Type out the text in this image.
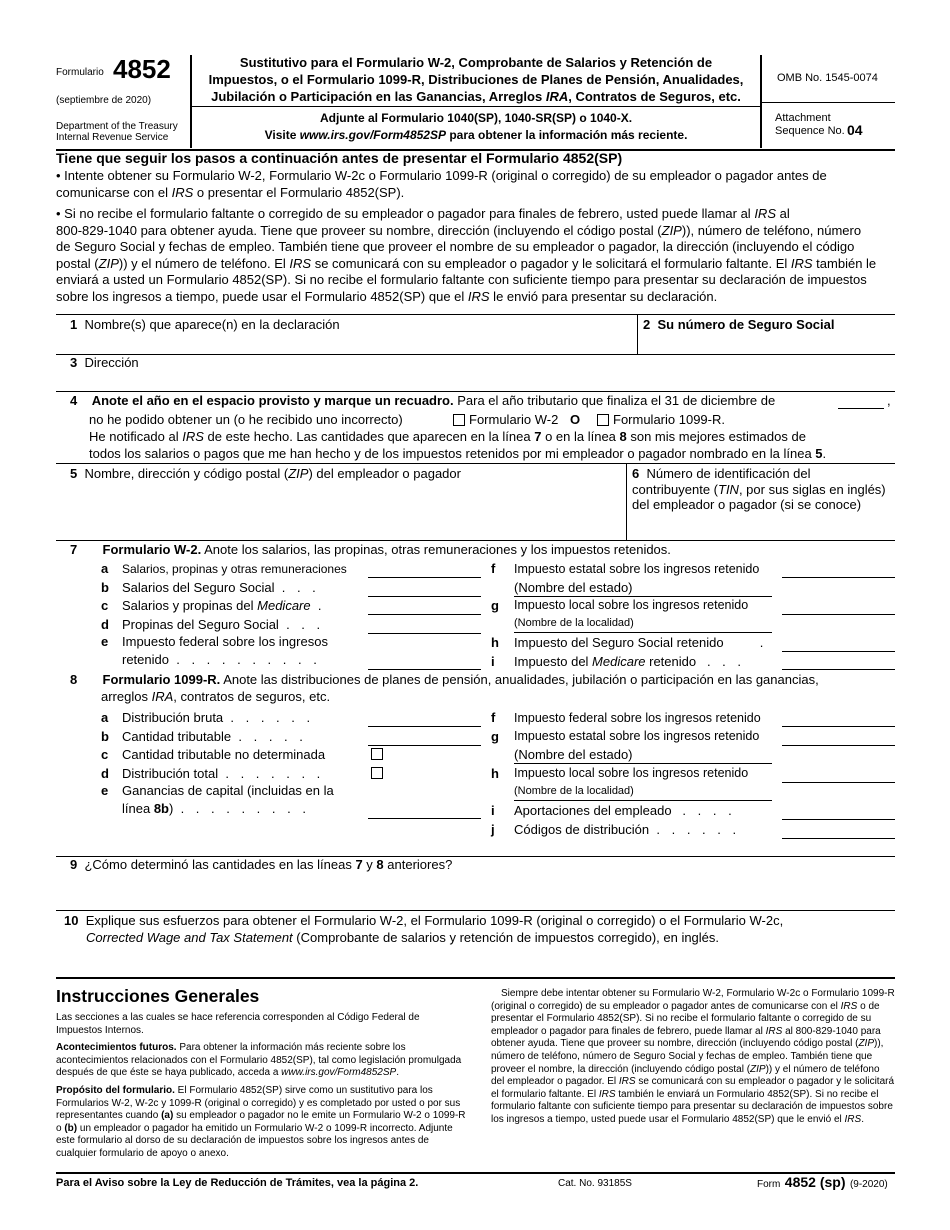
Formulario 4852
(septiembre de 2020)
Department of the Treasury
Internal Revenue Service
Sustitutivo para el Formulario W-2, Comprobante de Salarios y Retención de
Impuestos, o el Formulario 1099-R, Distribuciones de Planes de Pensión, Anualidades,
Jubilación o Participación en las Ganancias, Arreglos IRA, Contratos de Seguros, etc.
Adjunte al Formulario 1040(SP), 1040-SR(SP) o 1040-X.
Visite www.irs.gov/Form4852SP para obtener la información más reciente.
OMB No. 1545-0074
Attachment
Sequence No. 04
Tiene que seguir los pasos a continuación antes de presentar el Formulario 4852(SP)
• Intente obtener su Formulario W-2, Formulario W-2c o Formulario 1099-R (original o corregido) de su empleador o pagador antes de
comunicarse con el IRS o presentar el Formulario 4852(SP).
• Si no recibe el formulario faltante o corregido de su empleador o pagador para finales de febrero, usted puede llamar al IRS al
800-829-1040 para obtener ayuda. Tiene que proveer su nombre, dirección (incluyendo el código postal (ZIP)), número de teléfono, número
de Seguro Social y fechas de empleo. También tiene que proveer el nombre de su empleador o pagador, la dirección (incluyendo el código
postal (ZIP)) y el número de teléfono. El IRS se comunicará con su empleador o pagador y le solicitará el formulario faltante. El IRS también le
enviará a usted un Formulario 4852(SP). Si no recibe el formulario faltante con suficiente tiempo para presentar su declaración de impuestos
sobre los ingresos a tiempo, puede usar el Formulario 4852(SP) que el IRS le envió para presentar su declaración.
1 Nombre(s) que aparece(n) en la declaración	2 Su número de Seguro Social
3 Dirección
4 Anote el año en el espacio provisto y marque un recuadro. Para el año tributario que finaliza el 31 de diciembre de	,
no he podido obtener un (o he recibido uno incorrecto)	Formulario W-2 O	Formulario 1099-R.
He notificado al IRS de este hecho. Las cantidades que aparecen en la línea 7 o en la línea 8 son mis mejores estimados de
todos los salarios o pagos que me han hecho y de los impuestos retenidos por mi empleador o pagador nombrado en la línea 5.
5 Nombre, dirección y código postal (ZIP) del empleador o pagador	6 Número de identificación del
contribuyente (TIN, por sus siglas en inglés)
del empleador o pagador (si se conoce)
7 Formulario W-2. Anote los salarios, las propinas, otras remuneraciones y los impuestos retenidos.
a Salarios, propinas y otras remuneraciones
b Salarios del Seguro Social . . .
c Salarios y propinas del Medicare .
d Propinas del Seguro Social . . .
e Impuesto federal sobre los ingresos
retenido . . . . . . . . . .
f Impuesto estatal sobre los ingresos retenido
(Nombre del estado)
g Impuesto local sobre los ingresos retenido
(Nombre de la localidad)
h Impuesto del Seguro Social retenido	.
i Impuesto del Medicare retenido . . .
8 Formulario 1099-R. Anote las distribuciones de planes de pensión, anualidades, jubilación o participación en las ganancias,
arreglos IRA, contratos de seguros, etc.
a Distribución bruta . . . . . .
b Cantidad tributable . . . . .
c Cantidad tributable no determinada
d Distribución total . . . . . . .
e Ganancias de capital (incluidas en la
línea 8b) . . . . . . . . .
f Impuesto federal sobre los ingresos retenido
g Impuesto estatal sobre los ingresos retenido
(Nombre del estado)
h Impuesto local sobre los ingresos retenido
(Nombre de la localidad)
i Aportaciones del empleado . . . .
j Códigos de distribución . . . . . .
9 ¿Cómo determinó las cantidades en las líneas 7 y 8 anteriores?
10 Explique sus esfuerzos para obtener el Formulario W-2, el Formulario 1099-R (original o corregido) o el Formulario W-2c,
Corrected Wage and Tax Statement (Comprobante de salarios y retención de impuestos corregido), en inglés.
Instrucciones Generales

Las secciones a las cuales se hace referencia corresponden al Código Federal de Impuestos Internos.

Acontecimientos futuros. Para obtener la información más reciente sobre los acontecimientos relacionados con el Formulario 4852(SP), tal como legislación promulgada después de que éste se haya publicado, acceda a www.irs.gov/Form4852SP.

Propósito del formulario. El Formulario 4852(SP) sirve como un sustitutivo para los Formularios W-2, W-2c y 1099-R (original o corregido) y es completado por usted o por sus representantes cuando (a) su empleador o pagador no le emite un Formulario W-2 o 1099-R o (b) un empleador o pagador ha emitido un Formulario W-2 o 1099-R incorrecto. Adjunte este formulario al dorso de su declaración de impuestos sobre los ingresos antes de cualquier formulario de apoyo o anexo.

Siempre debe intentar obtener su Formulario W-2, Formulario W-2c o Formulario 1099-R (original o corregido) de su empleador o pagador antes de comunicarse con el IRS o de presentar el Formulario 4852(SP). Si no recibe el formulario faltante o corregido de su empleador o pagador para finales de febrero, puede llamar al IRS al 800-829-1040 para obtener ayuda. Tiene que proveer su nombre, dirección (incluyendo código postal (ZIP)), número de teléfono, número de Seguro Social y fechas de empleo. También tiene que proveer el nombre, la dirección (incluyendo código postal (ZIP)) y el número de teléfono del empleador o pagador. El IRS se comunicará con su empleador o pagador y le solicitará el formulario faltante. El IRS también le enviará un Formulario 4852(SP). Si no recibe el formulario faltante con suficiente tiempo para presentar su declaración de impuestos sobre los ingresos a tiempo, usted puede usar el Formulario 4852(SP) que le envió el IRS.

Para el Aviso sobre la Ley de Reducción de Trámites, vea la página 2.	Cat. No. 93185S	Form 4852 (sp) (9-2020)
